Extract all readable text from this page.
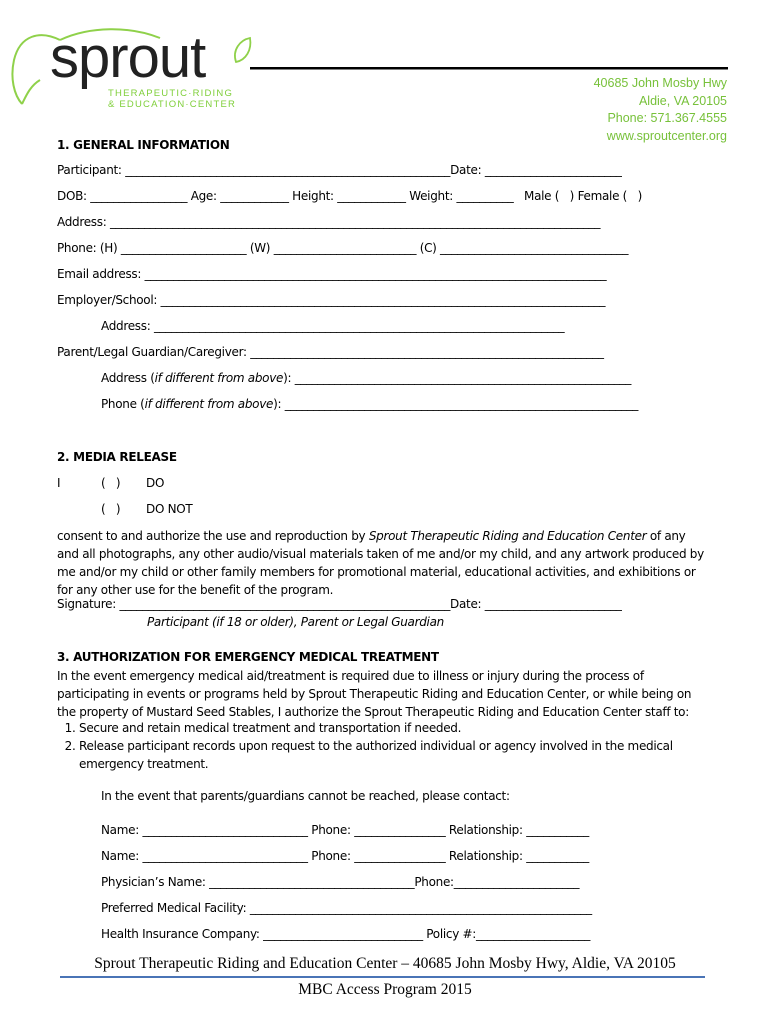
sprout
THERAPEUTIC·RIDING
& EDUCATION·CENTER
40685 John Mosby Hwy
Aldie, VA 20105
Phone: 571.367.4555
www.sproutcenter.org
1. GENERAL INFORMATION
Participant: _________________________________________________________Date: ________________________
DOB: _________________ Age: ____________ Height: ____________ Weight: __________   Male (   ) Female (   )
Address: ______________________________________________________________________________________
Phone: (H) ______________________ (W) _________________________ (C) _________________________________
Email address: _________________________________________________________________________________
Employer/School: ______________________________________________________________________________
Address: ________________________________________________________________________
Parent/Legal Guardian/Caregiver: ______________________________________________________________
Address (if different from above): ___________________________________________________________
Phone (if different from above): ______________________________________________________________
2. MEDIA RELEASE
I	(   ) DO
(   ) DO NOT
consent to and authorize the use and reproduction by Sprout Therapeutic Riding and Education Center of any and all photographs, any other audio/visual materials taken of me and/or my child, and any artwork produced by me and/or my child or other family members for promotional material, educational activities, and exhibitions or for any other use for the benefit of the program.
Signature: __________________________________________________________Date: ________________________
Participant (if 18 or older), Parent or Legal Guardian
3. AUTHORIZATION FOR EMERGENCY MEDICAL TREATMENT
In the event emergency medical aid/treatment is required due to illness or injury during the process of participating in events or programs held by Sprout Therapeutic Riding and Education Center, or while being on the property of Mustard Seed Stables, I authorize the Sprout Therapeutic Riding and Education Center staff to:
1. Secure and retain medical treatment and transportation if needed.
2. Release participant records upon request to the authorized individual or agency involved in the medical emergency treatment.
In the event that parents/guardians cannot be reached, please contact:
Name: _____________________________ Phone: ________________ Relationship: ___________
Name: _____________________________ Phone: ________________ Relationship: ___________
Physician’s Name: ____________________________________Phone:______________________
Preferred Medical Facility: ____________________________________________________________
Health Insurance Company: ____________________________ Policy #:____________________
Sprout Therapeutic Riding and Education Center – 40685 John Mosby Hwy, Aldie, VA 20105
MBC Access Program 2015
